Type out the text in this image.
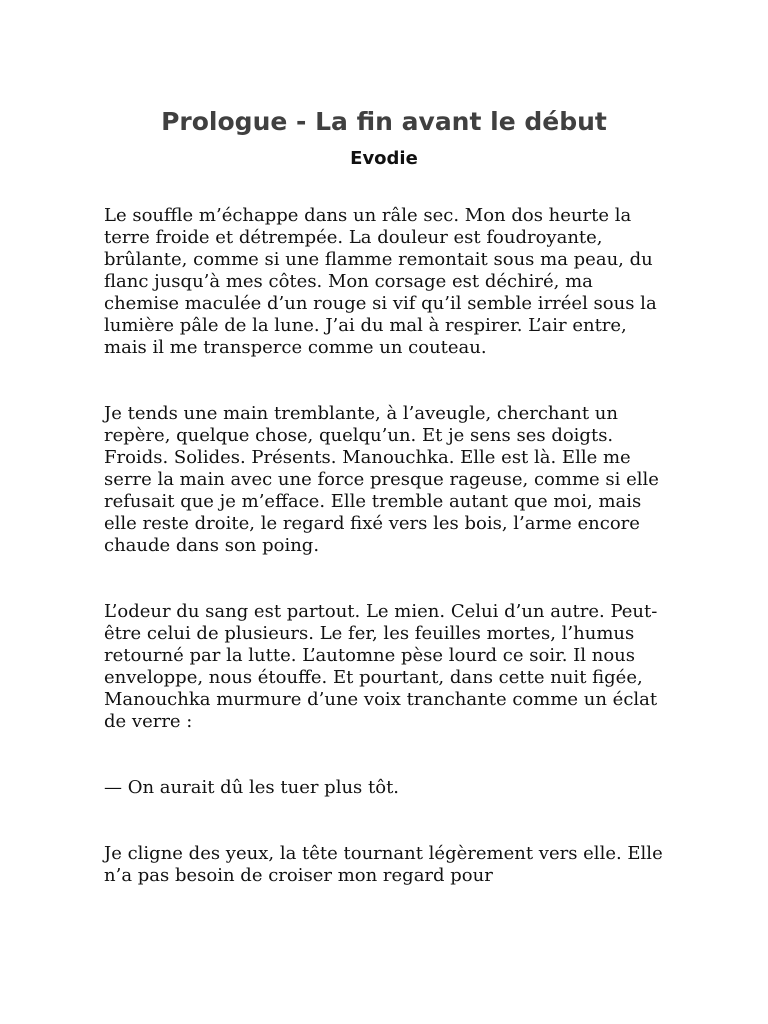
Prologue - La fin avant le début
Evodie

Le souffle m’échappe dans un râle sec. Mon dos heurte la terre froide et détrempée. La douleur est foudroyante, brûlante, comme si une flamme remontait sous ma peau, du flanc jusqu’à mes côtes. Mon corsage est déchiré, ma chemise maculée d’un rouge si vif qu’il semble irréel sous la lumière pâle de la lune. J’ai du mal à respirer. L’air entre, mais il me transperce comme un couteau.

Je tends une main tremblante, à l’aveugle, cherchant un repère, quelque chose, quelqu’un. Et je sens ses doigts. Froids. Solides. Présents. Manouchka. Elle est là. Elle me serre la main avec une force presque rageuse, comme si elle refusait que je m’efface. Elle tremble autant que moi, mais elle reste droite, le regard fixé vers les bois, l’arme encore chaude dans son poing.

L’odeur du sang est partout. Le mien. Celui d’un autre. Peut-être celui de plusieurs. Le fer, les feuilles mortes, l’humus retourné par la lutte. L’automne pèse lourd ce soir. Il nous enveloppe, nous étouffe. Et pourtant, dans cette nuit figée, Manouchka murmure d’une voix tranchante comme un éclat de verre :

— On aurait dû les tuer plus tôt.

Je cligne des yeux, la tête tournant légèrement vers elle. Elle n’a pas besoin de croiser mon regard pour
